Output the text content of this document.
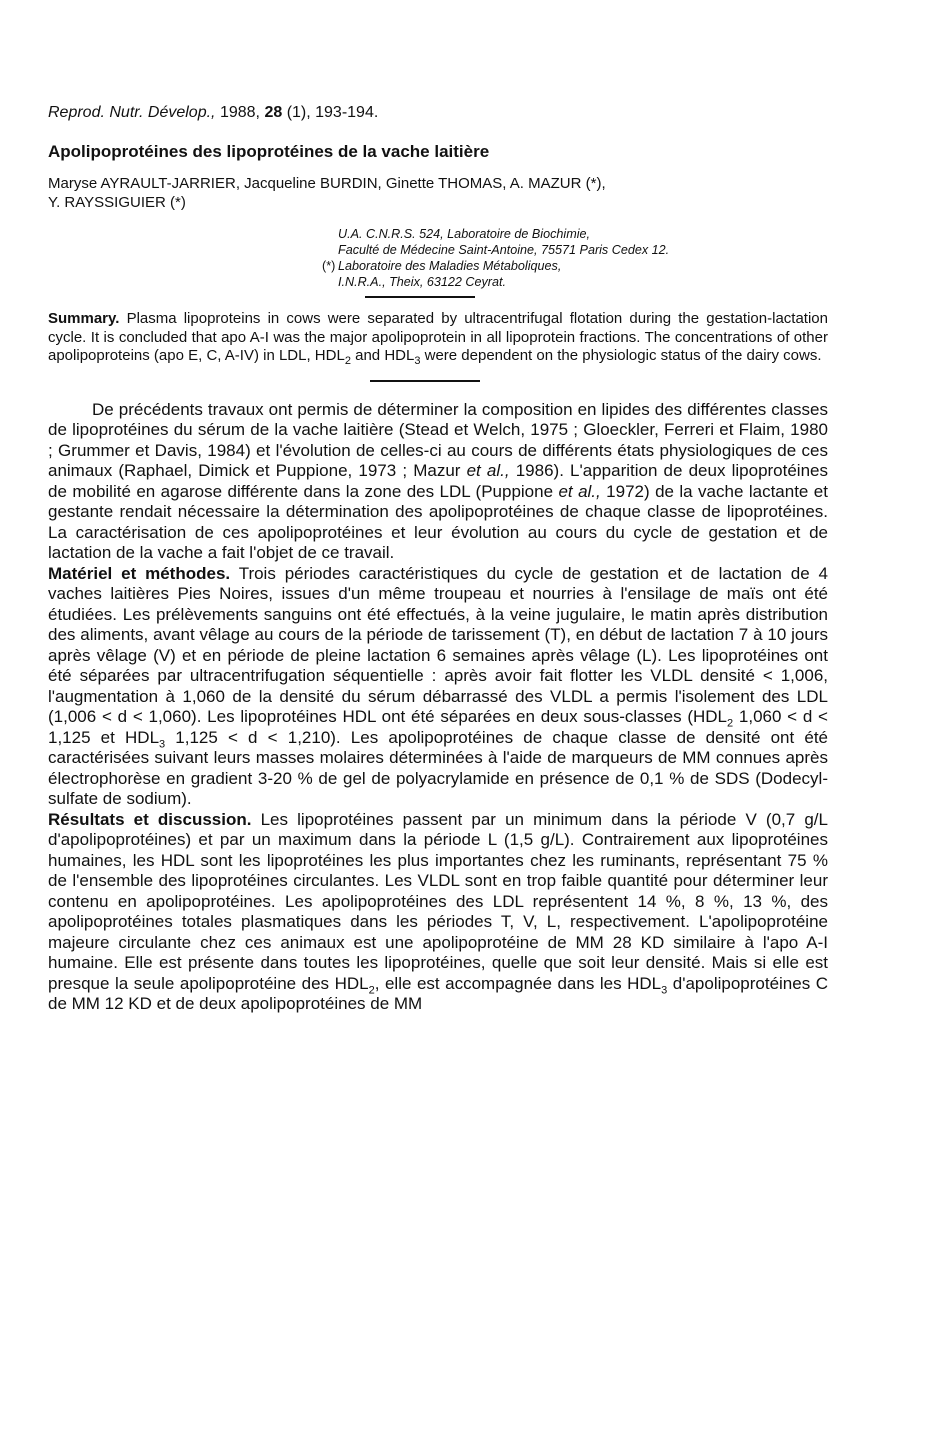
Reprod. Nutr. Dévelop., 1988, 28 (1), 193-194.

Apolipoprotéines des lipoprotéines de la vache laitière
Maryse AYRAULT-JARRIER, Jacqueline BURDIN, Ginette THOMAS, A. MAZUR (*),
Y. RAYSSIGUIER (*)
U.A. C.N.R.S. 524, Laboratoire de Biochimie,
Faculté de Médecine Saint-Antoine, 75571 Paris Cedex 12.
(*) Laboratoire des Maladies Métaboliques,
I.N.R.A., Theix, 63122 Ceyrat.

Summary. Plasma lipoproteins in cows were separated by ultracentrifugal flotation during the gestation-lactation cycle. It is concluded that apo A-I was the major apolipoprotein in all lipoprotein fractions. The concentrations of other apolipoproteins (apo E, C, A-IV) in LDL, $HDL_2$ and $HDL_3$ were dependent on the physiologic status of the dairy cows.

De précédents travaux ont permis de déterminer la composition en lipides des différentes classes de lipoprotéines du sérum de la vache laitière (Stead et Welch, 1975 ; Gloeckler, Ferreri et Flaim, 1980 ; Grummer et Davis, 1984) et l'évolution de celles-ci au cours de différents états physiologiques de ces animaux (Raphael, Dimick et Puppione, 1973 ; Mazur et al., 1986). L'apparition de deux lipoprotéines de mobilité en agarose différente dans la zone des LDL (Puppione et al., 1972) de la vache lactante et gestante rendait nécessaire la détermination des apolipoprotéines de chaque classe de lipoprotéines. La caractérisation de ces apolipoprotéines et leur évolution au cours du cycle de gestation et de lactation de la vache a fait l'objet de ce travail.

Matériel et méthodes. Trois périodes caractéristiques du cycle de gestation et de lactation de 4 vaches laitières Pies Noires, issues d'un même troupeau et nourries à l'ensilage de maïs ont été étudiées. Les prélèvements sanguins ont été effectués, à la veine jugulaire, le matin après distribution des aliments, avant vêlage au cours de la période de tarissement (T), en début de lactation 7 à 10 jours après vêlage (V) et en période de pleine lactation 6 semaines après vêlage (L). Les lipoprotéines ont été séparées par ultracentrifugation séquentielle : après avoir fait flotter les VLDL densité < 1,006, l'augmentation à 1,060 de la densité du sérum débarrassé des VLDL a permis l'isolement des LDL (1,006 < d < 1,060). Les lipoprotéines HDL ont été séparées en deux sous-classes ($HDL_2$ 1,060 < d < 1,125 et $HDL_3$ 1,125 < d < 1,210). Les apolipoprotéines de chaque classe de densité ont été caractérisées suivant leurs masses molaires déterminées à l'aide de marqueurs de MM connues après électrophorèse en gradient 3-20 % de gel de polyacrylamide en présence de 0,1 % de SDS (Dodecyl-sulfate de sodium).

Résultats et discussion. Les lipoprotéines passent par un minimum dans la période V (0,7 g/L d'apolipoprotéines) et par un maximum dans la période L (1,5 g/L). Contrairement aux lipoprotéines humaines, les HDL sont les lipoprotéines les plus importantes chez les ruminants, représentant 75 % de l'ensemble des lipoprotéines circulantes. Les VLDL sont en trop faible quantité pour déterminer leur contenu en apolipoprotéines. Les apolipoprotéines des LDL représentent 14 %, 8 %, 13 %, des apolipoprotéines totales plasmatiques dans les périodes T, V, L, respectivement. L'apolipoprotéine majeure circulante chez ces animaux est une apolipoprotéine de MM 28 KD similaire à l'apo A-I humaine. Elle est présente dans toutes les lipoprotéines, quelle que soit leur densité. Mais si elle est presque la seule apolipoprotéine des $HDL_2$, elle est accompagnée dans les $HDL_3$ d'apolipoprotéines C de MM 12 KD et de deux apolipoprotéines de MM
